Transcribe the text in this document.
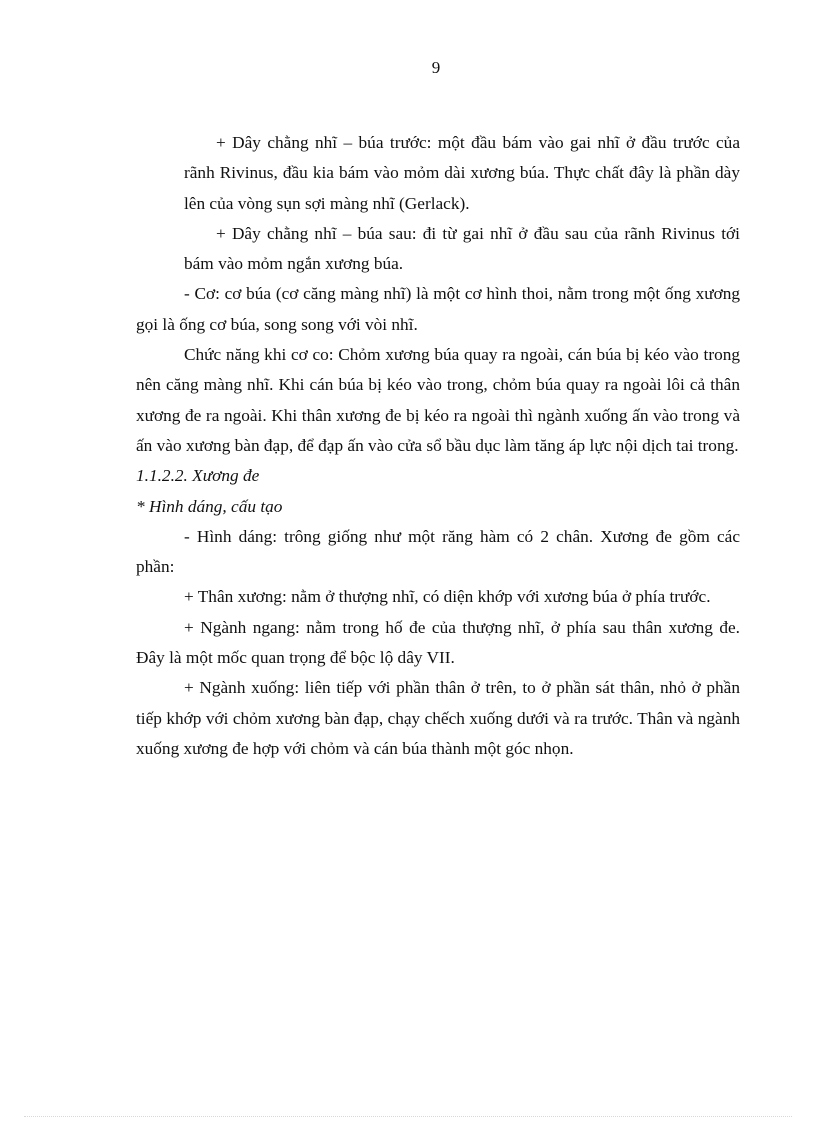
9

+ Dây chằng nhĩ – búa trước: một đầu bám vào gai nhĩ ở đầu trước của rãnh Rivinus, đầu kia bám vào mỏm dài xương búa. Thực chất đây là phần dày lên của vòng sụn sợi màng nhĩ (Gerlack).

+ Dây chằng nhĩ – búa sau: đi từ gai nhĩ ở đầu sau của rãnh Rivinus tới bám vào mỏm ngắn xương búa.

- Cơ: cơ búa (cơ căng màng nhĩ) là một cơ hình thoi, nằm trong một ống xương gọi là ống cơ búa, song song với vòi nhĩ.

Chức năng khi cơ co: Chỏm xương búa quay ra ngoài, cán búa bị kéo vào trong nên căng màng nhĩ. Khi cán búa bị kéo vào trong, chỏm búa quay ra ngoài lôi cả thân xương đe ra ngoài. Khi thân xương đe bị kéo ra ngoài thì ngành xuống ấn vào trong và ấn vào xương bàn đạp, để đạp ấn vào cửa sổ bầu dục làm tăng áp lực nội dịch tai trong.

1.1.2.2. Xương đe

* Hình dáng, cấu tạo

- Hình dáng: trông giống như một răng hàm có 2 chân. Xương đe gồm các phần:

+ Thân xương: nằm ở thượng nhĩ, có diện khớp với xương búa ở phía trước.

+ Ngành ngang: nằm trong hố đe của thượng nhĩ, ở phía sau thân xương đe. Đây là một mốc quan trọng để bộc lộ dây VII.

+ Ngành xuống: liên tiếp với phần thân ở trên, to ở phần sát thân, nhỏ ở phần tiếp khớp với chỏm xương bàn đạp, chạy chếch xuống dưới và ra trước. Thân và ngành xuống xương đe hợp với chỏm và cán búa thành một góc nhọn.
